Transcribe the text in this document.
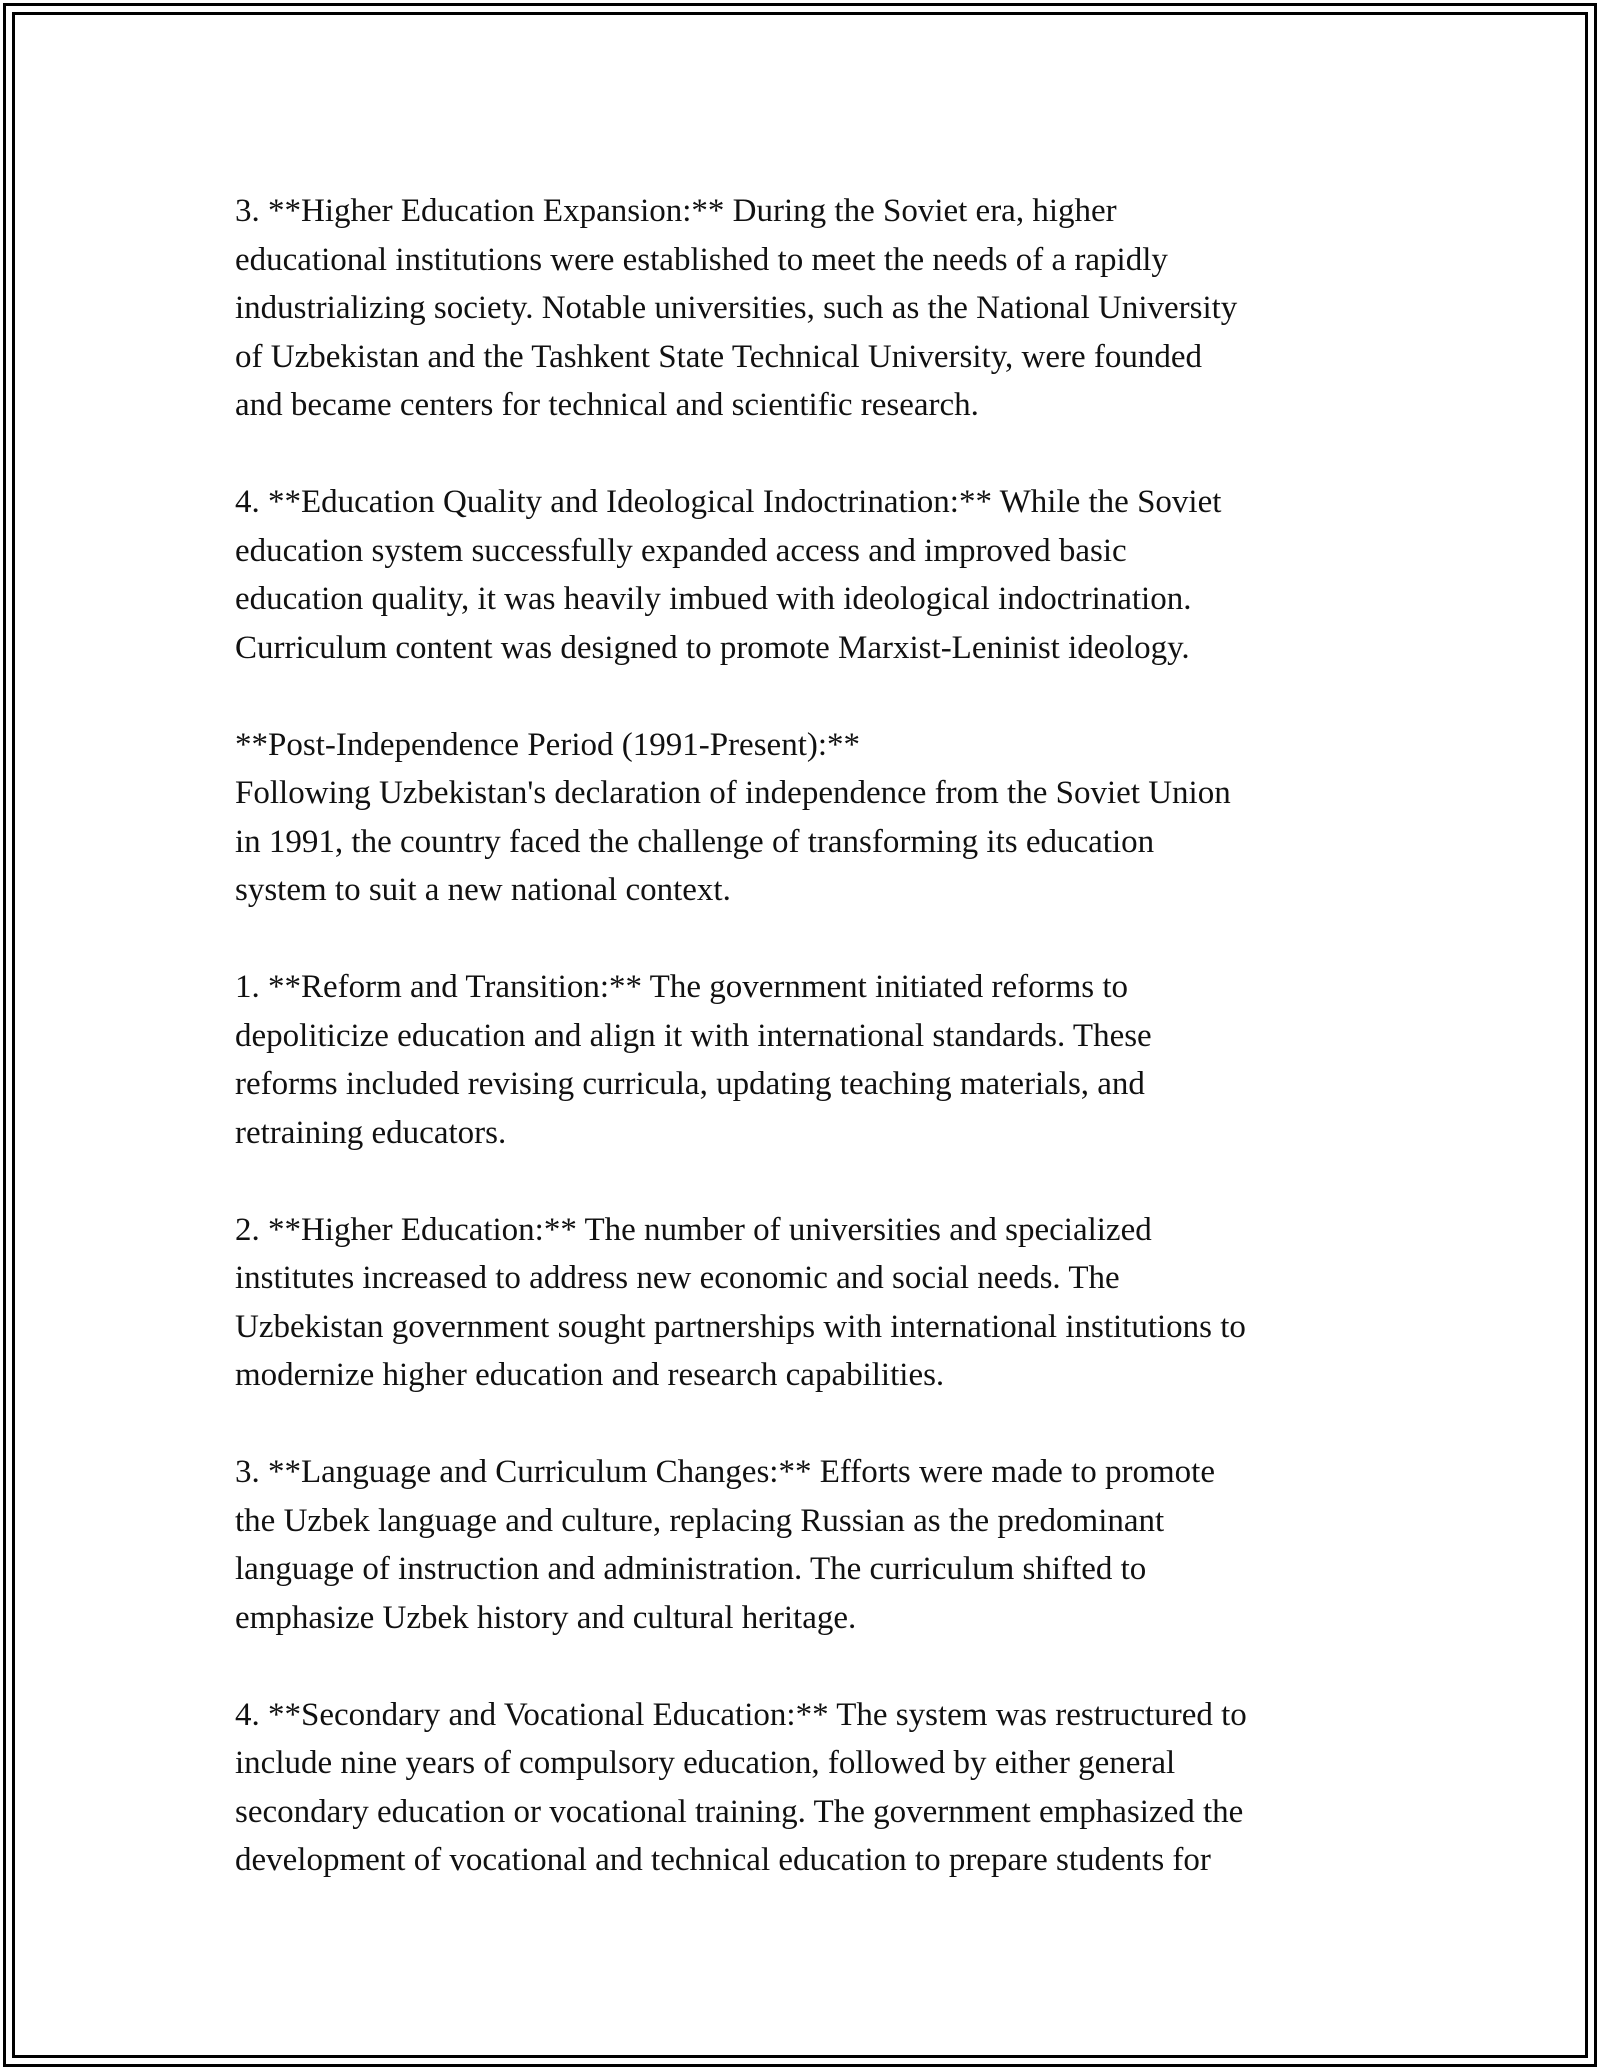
3. **Higher Education Expansion:** During the Soviet era, higher
educational institutions were established to meet the needs of a rapidly
industrializing society. Notable universities, such as the National University
of Uzbekistan and the Tashkent State Technical University, were founded
and became centers for technical and scientific research.

4. **Education Quality and Ideological Indoctrination:** While the Soviet
education system successfully expanded access and improved basic
education quality, it was heavily imbued with ideological indoctrination.
Curriculum content was designed to promote Marxist-Leninist ideology.

**Post-Independence Period (1991-Present):**
Following Uzbekistan's declaration of independence from the Soviet Union
in 1991, the country faced the challenge of transforming its education
system to suit a new national context.

1. **Reform and Transition:** The government initiated reforms to
depoliticize education and align it with international standards. These
reforms included revising curricula, updating teaching materials, and
retraining educators.

2. **Higher Education:** The number of universities and specialized
institutes increased to address new economic and social needs. The
Uzbekistan government sought partnerships with international institutions to
modernize higher education and research capabilities.

3. **Language and Curriculum Changes:** Efforts were made to promote
the Uzbek language and culture, replacing Russian as the predominant
language of instruction and administration. The curriculum shifted to
emphasize Uzbek history and cultural heritage.

4. **Secondary and Vocational Education:** The system was restructured to
include nine years of compulsory education, followed by either general
secondary education or vocational training. The government emphasized the
development of vocational and technical education to prepare students for
